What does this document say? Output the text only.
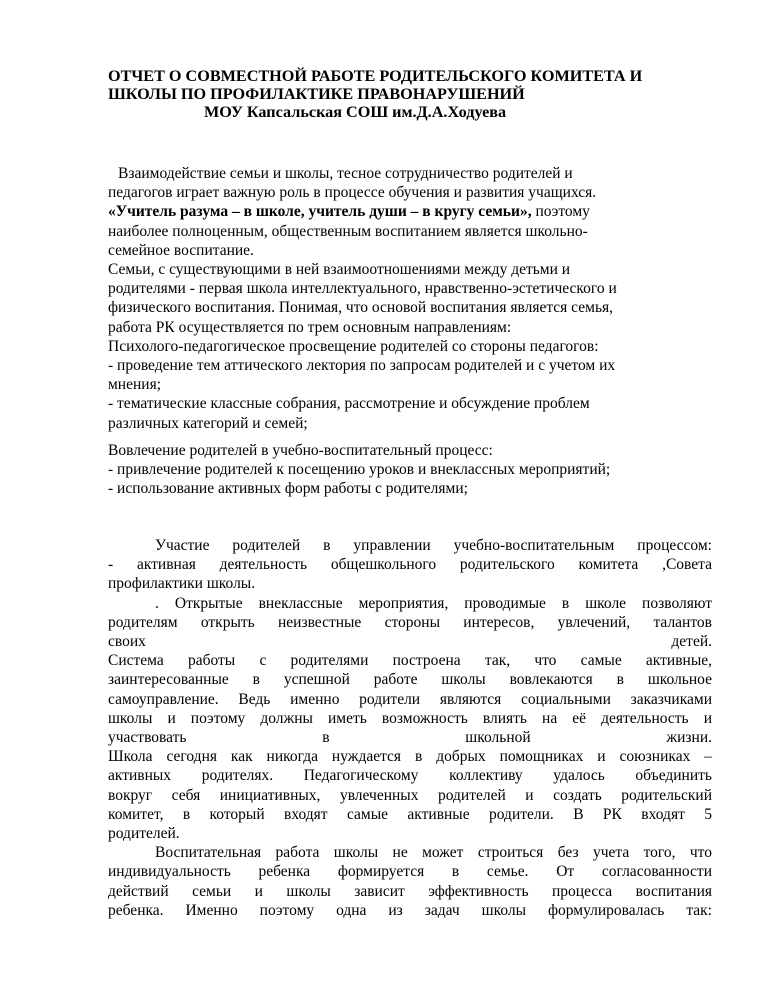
ОТЧЕТ О СОВМЕСТНОЙ РАБОТЕ РОДИТЕЛЬСКОГО КОМИТЕТА И
ШКОЛЫ ПО ПРОФИЛАКТИКЕ ПРАВОНАРУШЕНИЙ
МОУ Капсальская СОШ им.Д.А.Ходуева
Взаимодействие семьи и школы, тесное сотрудничество родителей и
педагогов играет важную роль в процессе обучения и развития учащихся.
«Учитель разума – в школе, учитель души – в кругу семьи», поэтому
наиболее полноценным, общественным воспитанием является школьно-
семейное воспитание.
Семьи, с существующими в ней взаимоотношениями между детьми и
родителями - первая школа интеллектуального, нравственно-эстетического и
физического воспитания. Понимая, что основой воспитания является семья,
работа РК осуществляется по трем основным направлениям:
Психолого-педагогическое просвещение родителей со стороны педагогов:
- проведение тем аттического лектория по запросам родителей и с учетом их
мнения;
- тематические классные собрания, рассмотрение и обсуждение проблем
различных категорий и семей;
Вовлечение родителей в учебно-воспитательный процесс:
- привлечение родителей к посещению уроков и внеклассных мероприятий;
- использование активных форм работы с родителями;
Участие родителей в управлении учебно-воспитательным процессом:
- активная деятельность общешкольного родительского комитета ,Совета
профилактики школы.
. Открытые внеклассные мероприятия, проводимые в школе позволяют
родителям открыть неизвестные стороны интересов, увлечений, талантов
своих детей.
Система работы с родителями построена так, что самые активные,
заинтересованные в успешной работе школы вовлекаются в школьное
самоуправление. Ведь именно родители являются социальными заказчиками
школы и поэтому должны иметь возможность влиять на её деятельность и
участвовать в школьной жизни.
Школа сегодня как никогда нуждается в добрых помощниках и союзниках –
активных родителях. Педагогическому коллективу удалось объединить
вокруг себя инициативных, увлеченных родителей и создать родительский
комитет, в который входят самые активные родители. В РК входят 5
родителей.
Воспитательная работа школы не может строиться без учета того, что
индивидуальность ребенка формируется в семье. От согласованности
действий семьи и школы зависит эффективность процесса воспитания
ребенка. Именно поэтому одна из задач школы формулировалась так:
